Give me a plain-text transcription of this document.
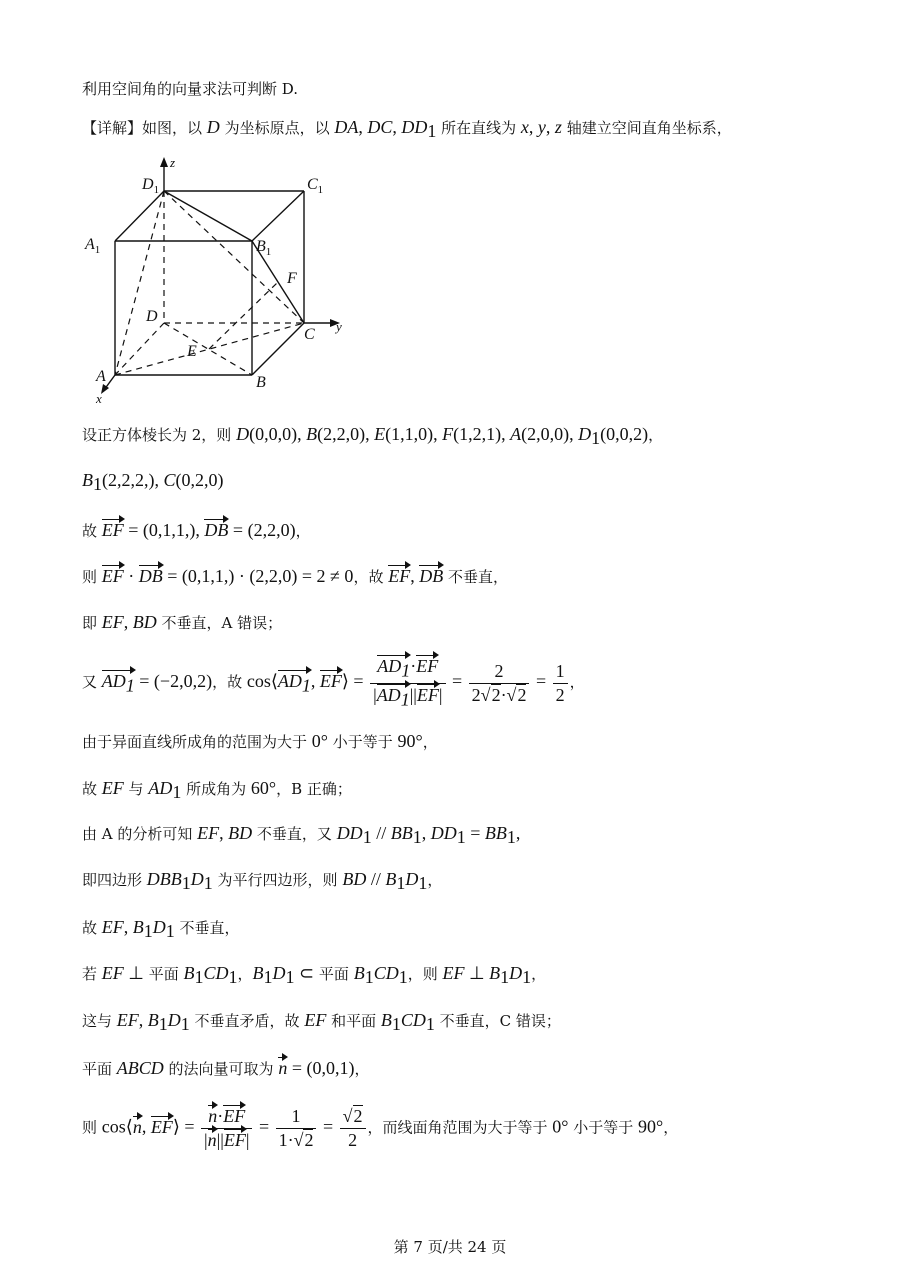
利用空间角的向量求法可判断 D.
【详解】如图，以 D 为坐标原点，以 DA, DC, $DD_1$ 所在直线为 x, y, z 轴建立空间直角坐标系，
$D_1$	$C_1$
$A_1$	$B_1$
F
D
C
E
A	B
x
y
z
设正方体棱长为 2，则 D(0,0,0), B(2,2,0), E(1,1,0), F(1,2,1), A(2,0,0), $D_1(0,0,2)$，
$B_1(2,2,2,)$, C(0,2,0)
故 EF = (0,1,1,), DB = (2,2,0)，
则 EF · DB = (0,1,1,) · (2,2,0) = 2 ≠ 0，故 EF, DB 不垂直，
即 EF, BD 不垂直，A 错误；
又 $AD_1 = (-2,0,2)$，故 $\cos⟨AD_1$, EF⟩ = $\frac{AD_1\cdot EF}{|AD_1||EF|} = \frac{2}{2√2\cdot√2} = \frac{1}{2}$ ，
由于异面直线所成角的范围为大于 0° 小于等于 90°，
故 EF 与 $AD_1$ 所成角为 60°，B 正确；
由 A 的分析可知 EF, BD 不垂直，又 $DD_1 // BB_1$, $DD_1 = BB_1$,
即四边形 $DBB_1D_1$ 为平行四边形，则 BD // $B_1D_1$，
故 EF, $B_1D_1$ 不垂直，
若 EF ⊥ 平面 $B_1CD_1$，$B_1D_1$ ⊂ 平面 $B_1CD_1$，则 EF ⊥ $B_1D_1$，
这与 EF, $B_1D_1$ 不垂直矛盾，故 EF 和平面 $B_1CD_1$ 不垂直，C 错误；
平面 ABCD 的法向量可取为 n = (0,0,1)，
则 cos⟨n, EF⟩ = $\frac{n\cdot EF}{|n||EF|} = \frac{1}{1\cdot√2} = \frac{√2}{2}$ ，而线面角范围为大于等于 0° 小于等于 90°，
第 7 页/共 24 页
